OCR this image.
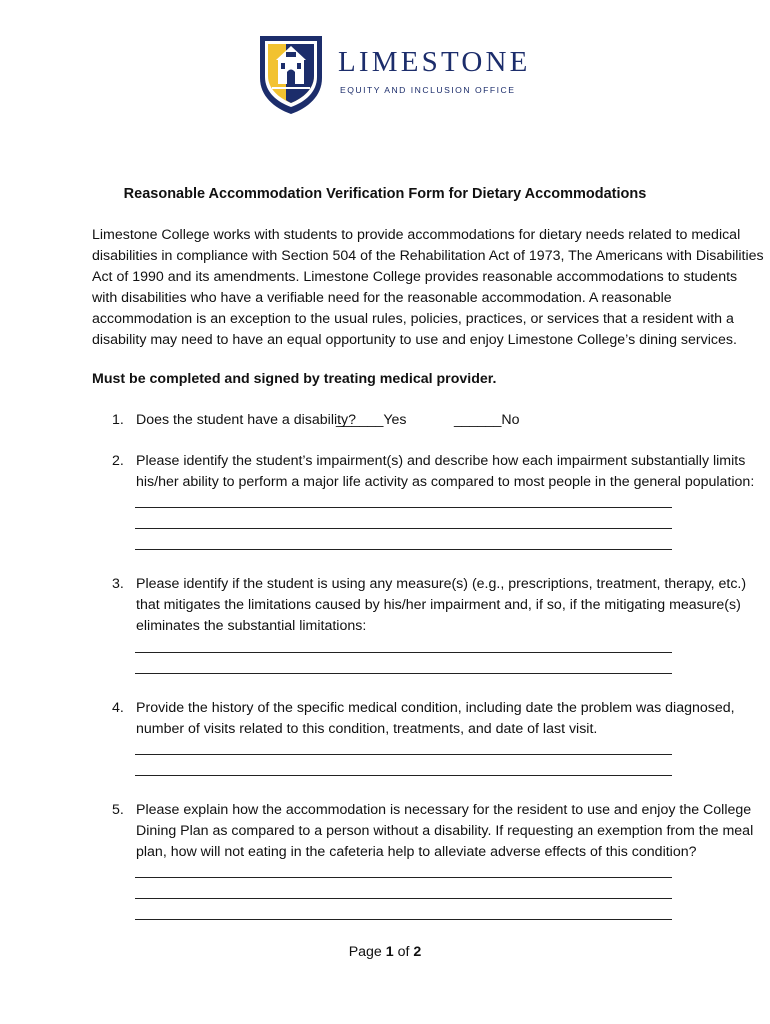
LIMESTONE
EQUITY AND INCLUSION OFFICE
Reasonable Accommodation Verification Form for Dietary Accommodations
Limestone College works with students to provide accommodations for dietary needs related to medical
disabilities in compliance with Section 504 of the Rehabilitation Act of 1973, The Americans with Disabilities
Act of 1990 and its amendments. Limestone College provides reasonable accommodations to students
with disabilities who have a verifiable need for the reasonable accommodation. A reasonable
accommodation is an exception to the usual rules, policies, practices, or services that a resident with a
disability may need to have an equal opportunity to use and enjoy Limestone College’s dining services.
Must be completed and signed by treating medical provider.
1. Does the student have a disability?
______Yes	______No
2. Please identify the student’s impairment(s) and describe how each impairment substantially limits
his/her ability to perform a major life activity as compared to most people in the general population:
3. Please identify if the student is using any measure(s) (e.g., prescriptions, treatment, therapy, etc.)
that mitigates the limitations caused by his/her impairment and, if so, if the mitigating measure(s)
eliminates the substantial limitations:
4. Provide the history of the specific medical condition, including date the problem was diagnosed,
number of visits related to this condition, treatments, and date of last visit.
5. Please explain how the accommodation is necessary for the resident to use and enjoy the College
Dining Plan as compared to a person without a disability. If requesting an exemption from the meal
plan, how will not eating in the cafeteria help to alleviate adverse effects of this condition?
Page 1 of 2
